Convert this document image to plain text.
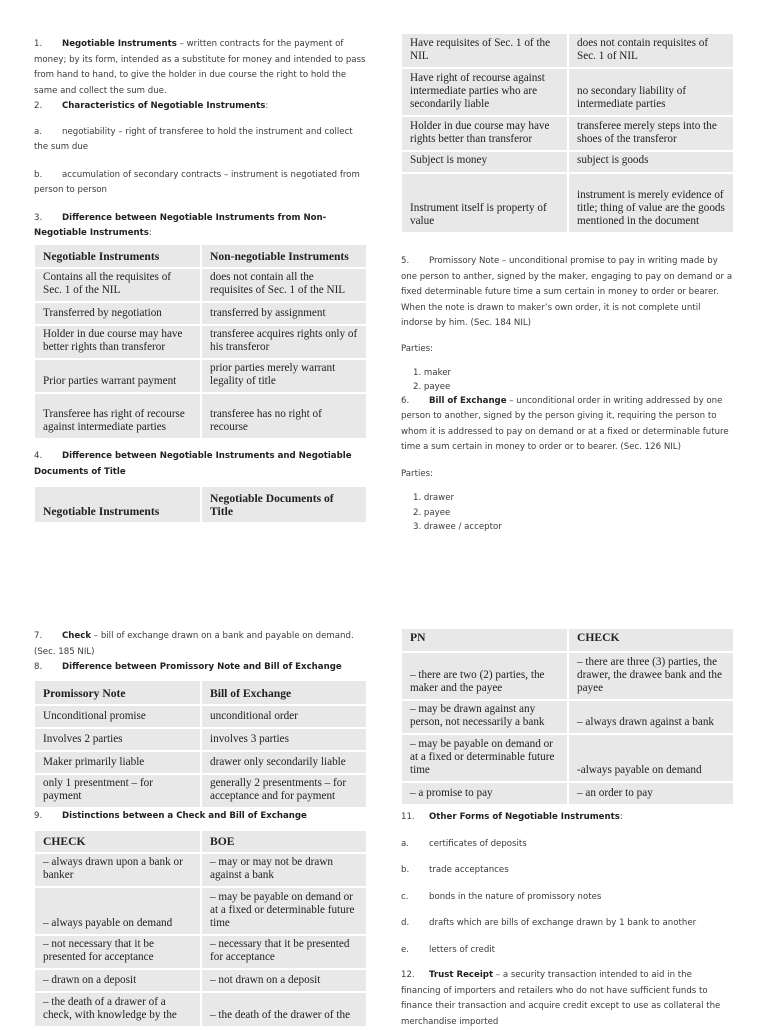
1. Negotiable Instruments – written contracts for the payment of money; by its form, intended as a substitute for money and intended to pass from hand to hand, to give the holder in due course the right to hold the same and collect the sum due.

2. Characteristics of Negotiable Instruments:

a. negotiability – right of transferee to hold the instrument and collect the sum due

b. accumulation of secondary contracts – instrument is negotiated from person to person

3. Difference between Negotiable Instruments from Non-Negotiable Instruments:

Negotiable Instruments	Non-negotiable Instruments
Contains all the requisites of Sec. 1 of the NIL	does not contain all the requisites of Sec. 1 of the NIL
Transferred by negotiation	transferred by assignment
Holder in due course may have better rights than transferor	transferee acquires rights only of his transferor
Prior parties warrant payment	prior parties merely warrant legality of title
Transferee has right of recourse against intermediate parties	transferee has no right of recourse

4. Difference between Negotiable Instruments and Negotiable Documents of Title

Negotiable Instruments	Negotiable Documents of Title
Have requisites of Sec. 1 of the NIL	does not contain requisites of Sec. 1 of NIL
Have right of recourse against intermediate parties who are secondarily liable	no secondary liability of intermediate parties
Holder in due course may have rights better than transferor	transferee merely steps into the shoes of the transferor
Subject is money	subject is goods
Instrument itself is property of value	instrument is merely evidence of title; thing of value are the goods mentioned in the document

5. Promissory Note – unconditional promise to pay in writing made by one person to anther, signed by the maker, engaging to pay on demand or a fixed determinable future time a sum certain in money to order or bearer. When the note is drawn to maker’s own order, it is not complete until indorse by him. (Sec. 184 NIL)

Parties:

1. maker
2. payee

6. Bill of Exchange – unconditional order in writing addressed by one person to another, signed by the person giving it, requiring the person to whom it is addressed to pay on demand or at a fixed or determinable future time a sum certain in money to order or to bearer. (Sec. 126 NIL)

Parties:

1. drawer
2. payee
3. drawee / acceptor

7. Check – bill of exchange drawn on a bank and payable on demand. (Sec. 185 NIL)

8. Difference between Promissory Note and Bill of Exchange

Promissory Note	Bill of Exchange
Unconditional promise	unconditional order
Involves 2 parties	involves 3 parties
Maker primarily liable	drawer only secondarily liable
only 1 presentment – for payment	generally 2 presentments – for acceptance and for payment

9. Distinctions between a Check and Bill of Exchange

CHECK	BOE
– always drawn upon a bank or banker	– may or may not be drawn against a bank
– always payable on demand	– may be payable on demand or at a fixed or determinable future time
– not necessary that it be presented for acceptance	– necessary that it be presented for acceptance
– drawn on a deposit	– not drawn on a deposit
– the death of a drawer of a check, with knowledge by the	– the death of the drawer of the
PN	CHECK
– there are two (2) parties, the maker and the payee	– there are three (3) parties, the drawer, the drawee bank and the payee
– may be drawn against any person, not necessarily a bank	– always drawn against a bank
– may be payable on demand or at a fixed or determinable future time	-always payable on demand
– a promise to pay	– an order to pay

11. Other Forms of Negotiable Instruments:

a. certificates of deposits

b. trade acceptances

c. bonds in the nature of promissory notes

d. drafts which are bills of exchange drawn by 1 bank to another

e. letters of credit

12. Trust Receipt – a security transaction intended to aid in the financing of importers and retailers who do not have sufficient funds to finance their transaction and acquire credit except to use as collateral the merchandise imported
